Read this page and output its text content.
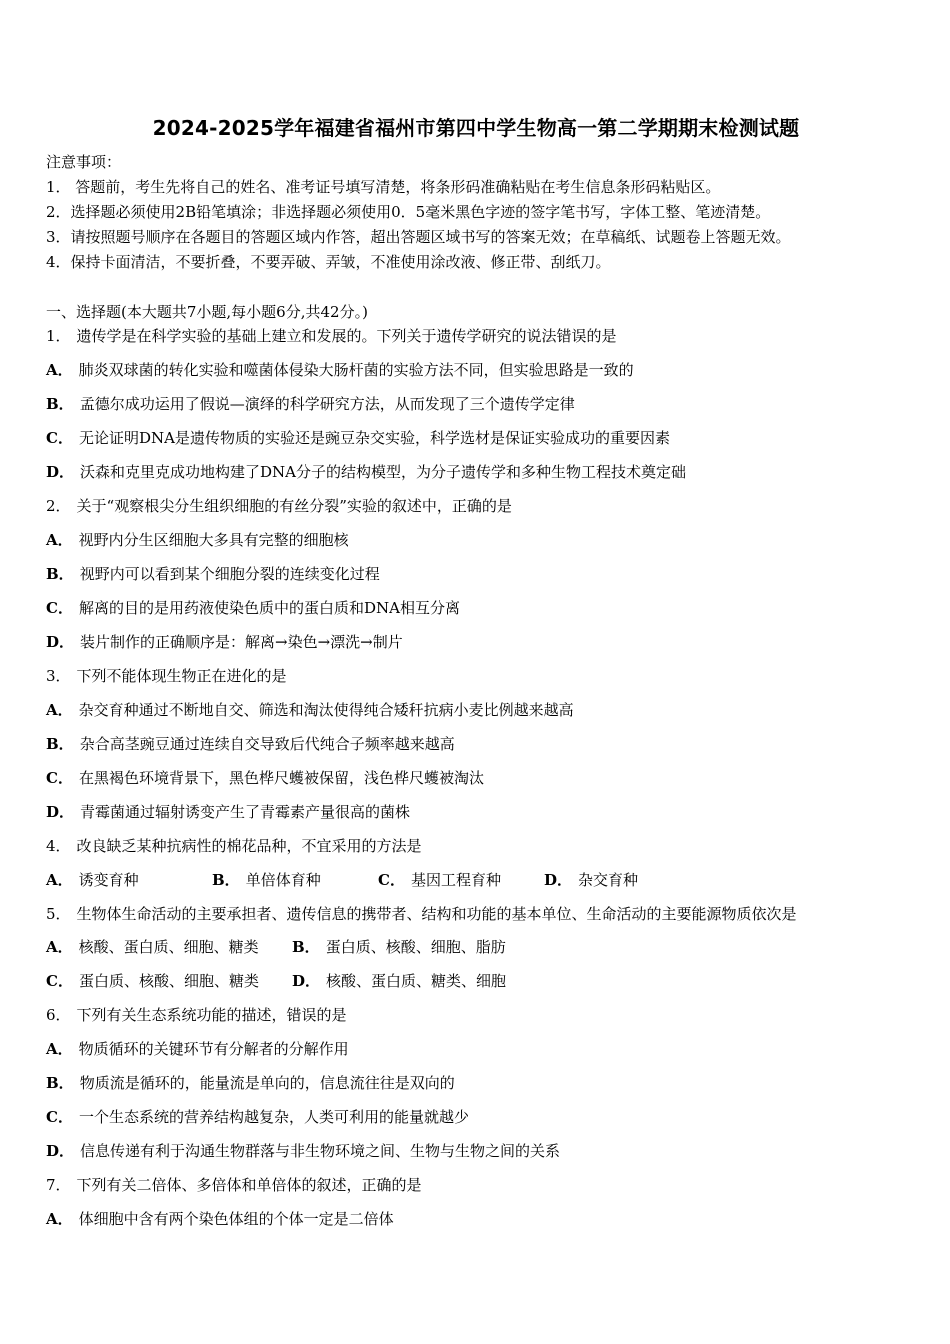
2024-2025学年福建省福州市第四中学生物高一第二学期期末检测试题
注意事项：
1． 答题前，考生先将自己的姓名、准考证号填写清楚，将条形码准确粘贴在考生信息条形码粘贴区。
2．选择题必须使用2B铅笔填涂；非选择题必须使用0．5毫米黑色字迹的签字笔书写，字体工整、笔迹清楚。
3．请按照题号顺序在各题目的答题区域内作答，超出答题区域书写的答案无效；在草稿纸、试题卷上答题无效。
4．保持卡面清洁，不要折叠，不要弄破、弄皱，不准使用涂改液、修正带、刮纸刀。
一、选择题(本大题共7小题,每小题6分,共42分。)
1． 遗传学是在科学实验的基础上建立和发展的。下列关于遗传学研究的说法错误的是
A． 肺炎双球菌的转化实验和噬菌体侵染大肠杆菌的实验方法不同，但实验思路是一致的
B． 孟德尔成功运用了假说—演绎的科学研究方法，从而发现了三个遗传学定律
C． 无论证明DNA是遗传物质的实验还是豌豆杂交实验，科学选材是保证实验成功的重要因素
D． 沃森和克里克成功地构建了DNA分子的结构模型，为分子遗传学和多种生物工程技术奠定础
2． 关于“观察根尖分生组织细胞的有丝分裂”实验的叙述中，正确的是
A． 视野内分生区细胞大多具有完整的细胞核
B． 视野内可以看到某个细胞分裂的连续变化过程
C． 解离的目的是用药液使染色质中的蛋白质和DNA相互分离
D． 装片制作的正确顺序是：解离→染色→漂洗→制片
3． 下列不能体现生物正在进化的是
A． 杂交育种通过不断地自交、筛选和淘汰使得纯合矮秆抗病小麦比例越来越高
B． 杂合高茎豌豆通过连续自交导致后代纯合子频率越来越高
C． 在黑褐色环境背景下，黑色桦尺蠖被保留，浅色桦尺蠖被淘汰
D． 青霉菌通过辐射诱变产生了青霉素产量很高的菌株
4． 改良缺乏某种抗病性的棉花品种，不宜采用的方法是
A． 诱变育种	B． 单倍体育种	C． 基因工程育种	D． 杂交育种
5． 生物体生命活动的主要承担者、遗传信息的携带者、结构和功能的基本单位、生命活动的主要能源物质依次是
A． 核酸、蛋白质、细胞、糖类 B． 蛋白质、核酸、细胞、脂肪
C． 蛋白质、核酸、细胞、糖类 D． 核酸、蛋白质、糖类、细胞
6． 下列有关生态系统功能的描述，错误的是
A． 物质循环的关键环节有分解者的分解作用
B． 物质流是循环的，能量流是单向的，信息流往往是双向的
C． 一个生态系统的营养结构越复杂，人类可利用的能量就越少
D． 信息传递有利于沟通生物群落与非生物环境之间、生物与生物之间的关系
7． 下列有关二倍体、多倍体和单倍体的叙述，正确的是
A． 体细胞中含有两个染色体组的个体一定是二倍体
